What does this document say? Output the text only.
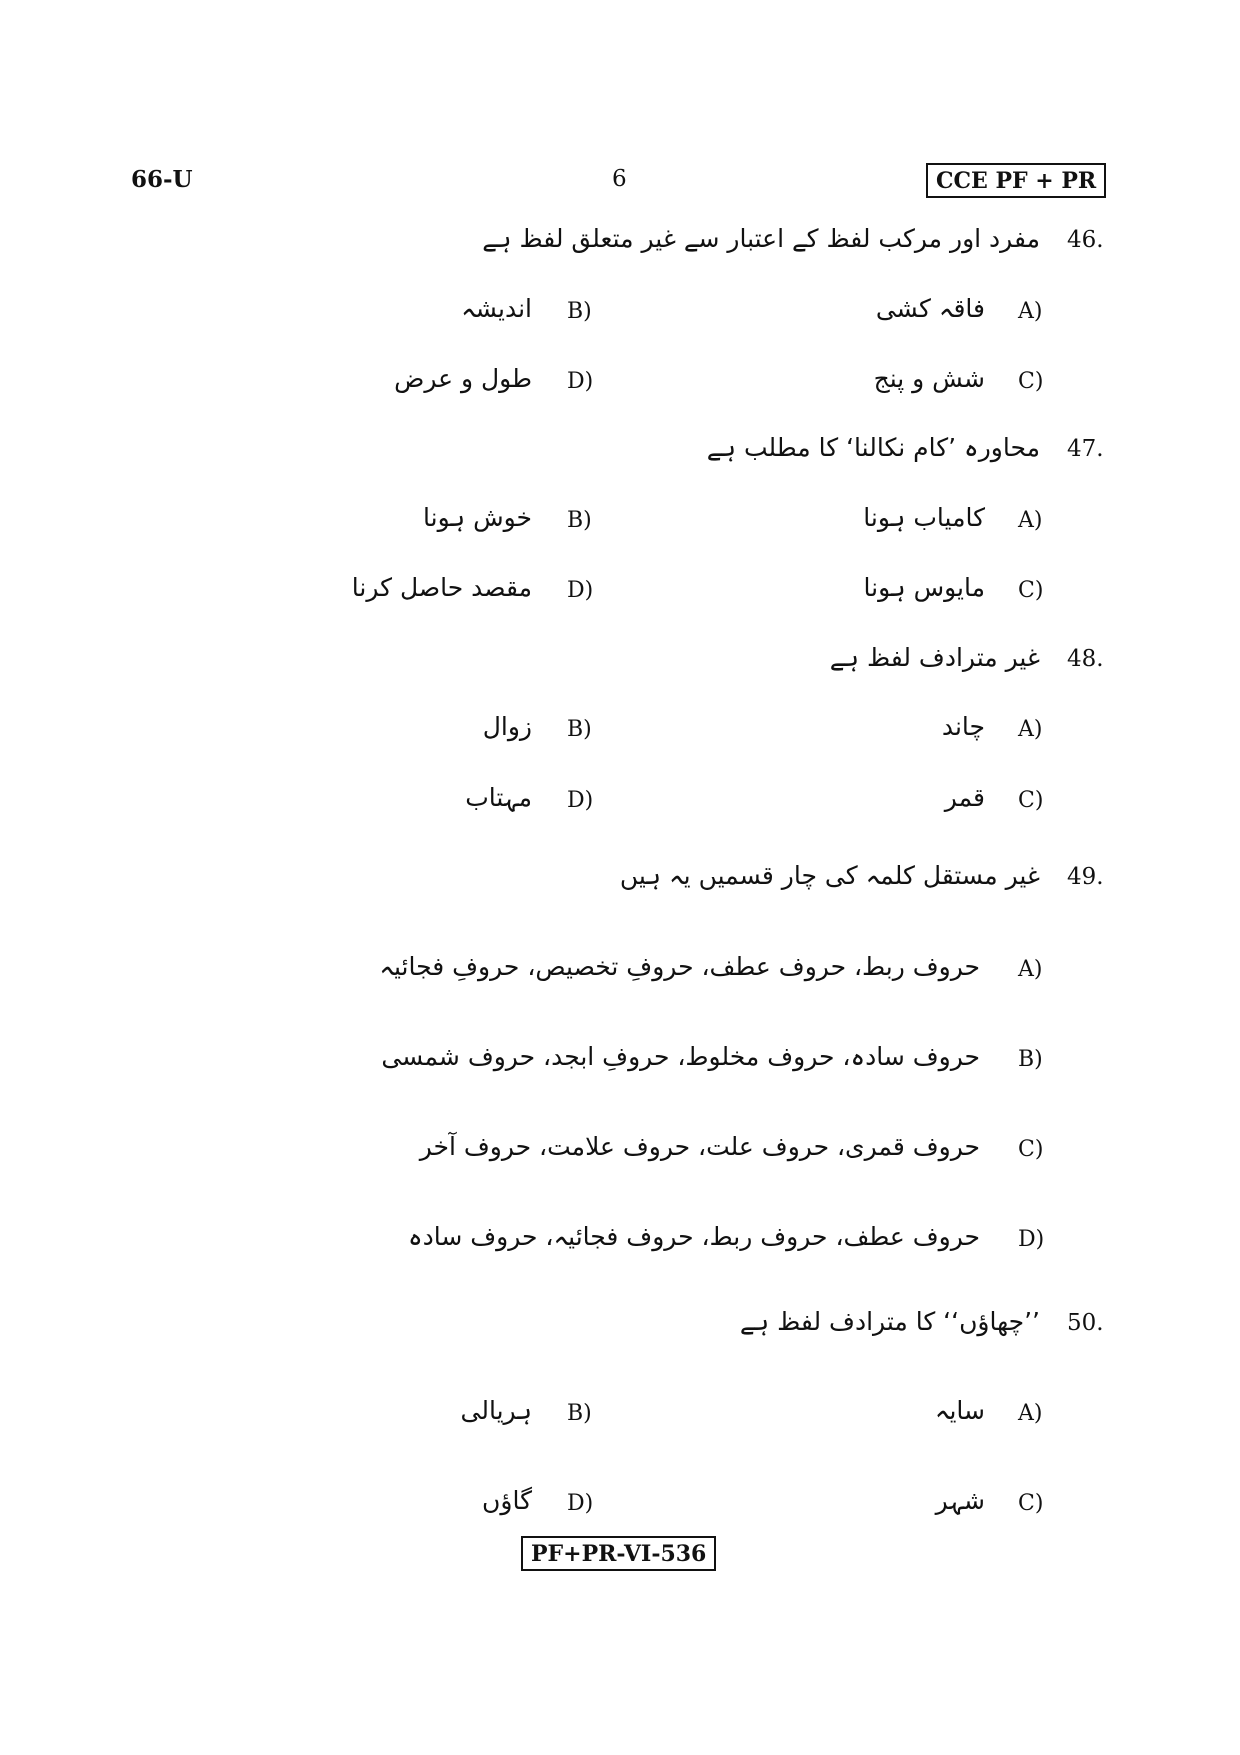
66-U	6	CCE PF + PR
46.
مفرد اور مرکب لفظ کے اعتبار سے غیر متعلق لفظ ہے
A)
فاقہ کشی
B)
اندیشہ
C)
شش و پنج
D)
طول و عرض
47.
محاورہ ’کام نکالنا‘ کا مطلب ہے
A)
کامیاب ہونا
B)
خوش ہونا
C)
مایوس ہونا
D)
مقصد حاصل کرنا
48.
غیر مترادف لفظ ہے
A)
چاند
B)
زوال
C)
قمر
D)
مہتاب
49.
غیر مستقل کلمہ کی چار قسمیں یہ ہیں
A)
حروف ربط، حروف عطف، حروفِ تخصیص، حروفِ فجائیہ
B)
حروف سادہ، حروف مخلوط، حروفِ ابجد، حروف شمسی
C)
حروف قمری، حروف علت، حروف علامت، حروف آخر
D)
حروف عطف، حروف ربط، حروف فجائیہ، حروف سادہ
50.
’’چھاؤں‘‘ کا مترادف لفظ ہے
A)
سایہ
B)
ہریالی
C)
شہر
D)
گاؤں
PF+PR-VI-536
